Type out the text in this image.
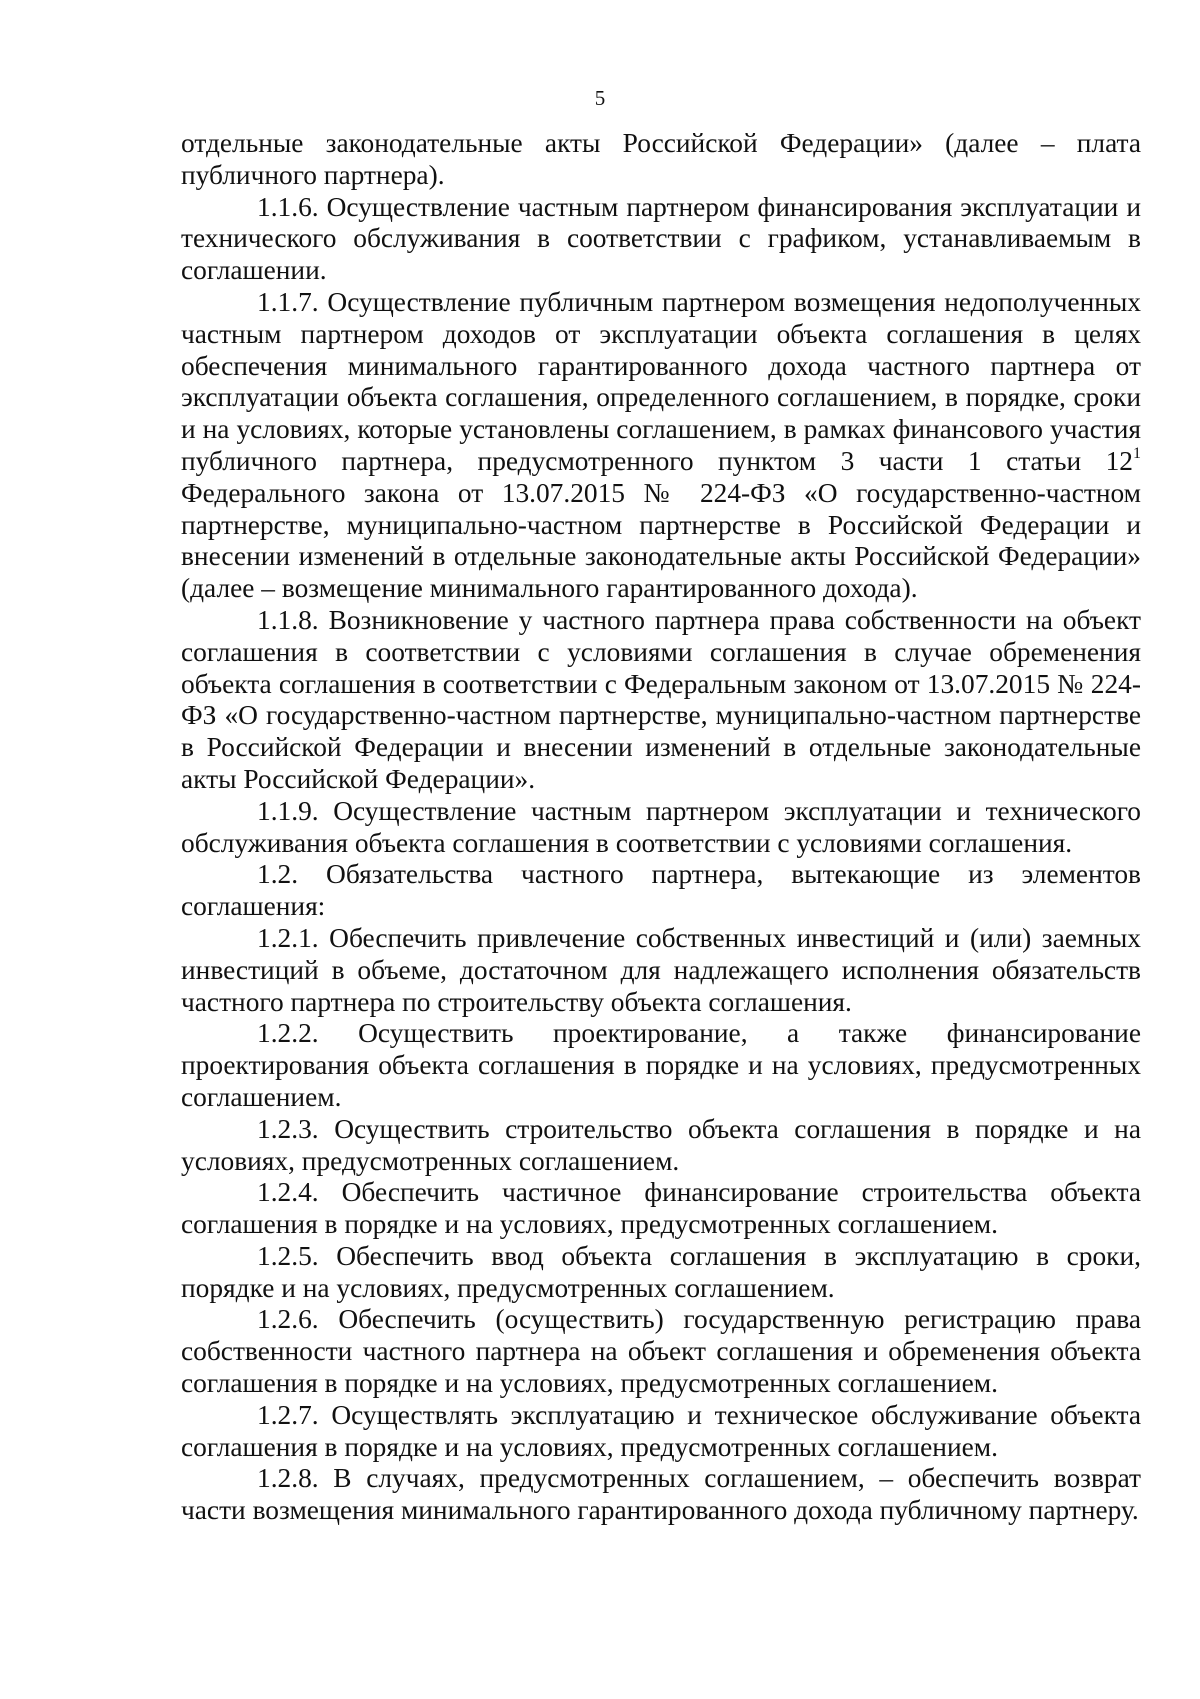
5

отдельные законодательные акты Российской Федерации» (далее – плата публичного партнера).

1.1.6. Осуществление частным партнером финансирования эксплуатации и технического обслуживания в соответствии с графиком, устанавливаемым в соглашении.

1.1.7. Осуществление публичным партнером возмещения недополученных частным партнером доходов от эксплуатации объекта соглашения в целях обеспечения минимального гарантированного дохода частного партнера от эксплуатации объекта соглашения, определенного соглашением, в порядке, сроки и на условиях, которые установлены соглашением, в рамках финансового участия публичного партнера, предусмотренного пунктом 3 части 1 статьи $12^1$ Федерального закона от 13.07.2015 № 224-ФЗ «О государственно-частном партнерстве, муниципально-частном партнерстве в Российской Федерации и внесении изменений в отдельные законодательные акты Российской Федерации» (далее – возмещение минимального гарантированного дохода).

1.1.8. Возникновение у частного партнера права собственности на объект соглашения в соответствии с условиями соглашения в случае обременения объекта соглашения в соответствии с Федеральным законом от 13.07.2015 № 224-ФЗ «О государственно-частном партнерстве, муниципально-частном партнерстве в Российской Федерации и внесении изменений в отдельные законодательные акты Российской Федерации».

1.1.9. Осуществление частным партнером эксплуатации и технического обслуживания объекта соглашения в соответствии с условиями соглашения.

1.2. Обязательства частного партнера, вытекающие из элементов соглашения:

1.2.1. Обеспечить привлечение собственных инвестиций и (или) заемных инвестиций в объеме, достаточном для надлежащего исполнения обязательств частного партнера по строительству объекта соглашения.

1.2.2. Осуществить проектирование, а также финансирование проектирования объекта соглашения в порядке и на условиях, предусмотренных соглашением.

1.2.3. Осуществить строительство объекта соглашения в порядке и на условиях, предусмотренных соглашением.

1.2.4. Обеспечить частичное финансирование строительства объекта соглашения в порядке и на условиях, предусмотренных соглашением.

1.2.5. Обеспечить ввод объекта соглашения в эксплуатацию в сроки, порядке и на условиях, предусмотренных соглашением.

1.2.6. Обеспечить (осуществить) государственную регистрацию права собственности частного партнера на объект соглашения и обременения объекта соглашения в порядке и на условиях, предусмотренных соглашением.

1.2.7. Осуществлять эксплуатацию и техническое обслуживание объекта соглашения в порядке и на условиях, предусмотренных соглашением.

1.2.8. В случаях, предусмотренных соглашением, – обеспечить возврат части возмещения минимального гарантированного дохода публичному партнеру.
